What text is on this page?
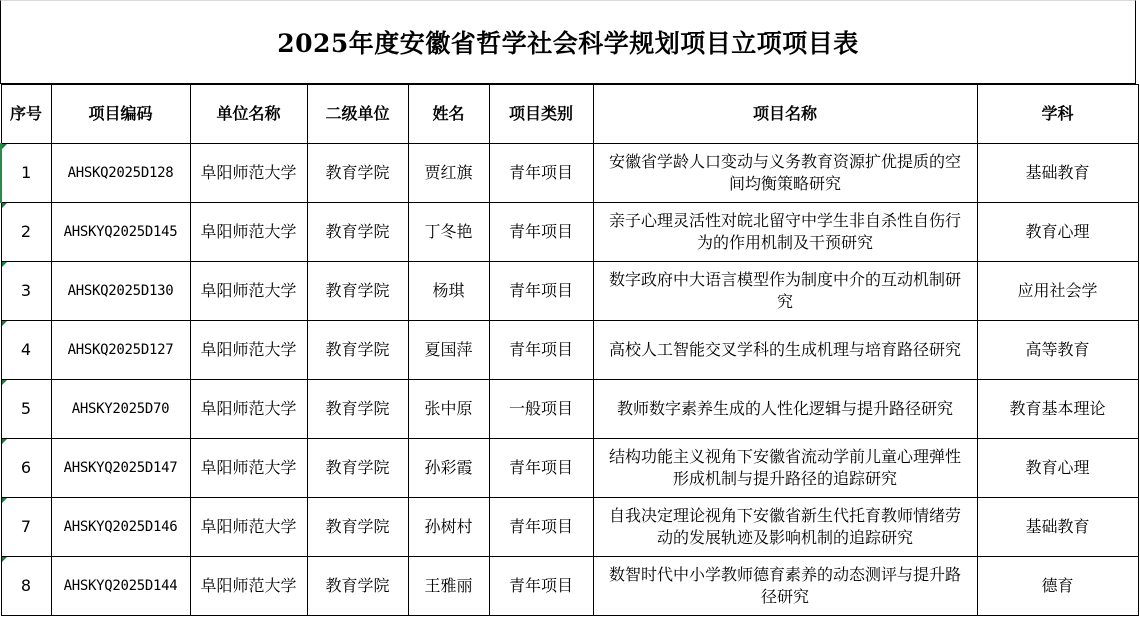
2025年度安徽省哲学社会科学规划项目立项项目表
序号	项目编码	单位名称	二级单位	姓名	项目类别	项目名称	学科

1	AHSKQ2025D128	阜阳师范大学	教育学院	贾红旗	青年项目	安徽省学龄人口变动与义务教育资源扩优提质的空间均衡策略研究	基础教育

2	AHSKYQ2025D145	阜阳师范大学	教育学院	丁冬艳	青年项目	亲子心理灵活性对皖北留守中学生非自杀性自伤行为的作用机制及干预研究	教育心理

3	AHSKQ2025D130	阜阳师范大学	教育学院	杨琪	青年项目	数字政府中大语言模型作为制度中介的互动机制研究	应用社会学

4	AHSKQ2025D127	阜阳师范大学	教育学院	夏国萍	青年项目	高校人工智能交叉学科的生成机理与培育路径研究	高等教育

5	AHSKY2025D70	阜阳师范大学	教育学院	张中原	一般项目	教师数字素养生成的人性化逻辑与提升路径研究	教育基本理论

6	AHSKYQ2025D147	阜阳师范大学	教育学院	孙彩霞	青年项目	结构功能主义视角下安徽省流动学前儿童心理弹性形成机制与提升路径的追踪研究	教育心理

7	AHSKYQ2025D146	阜阳师范大学	教育学院	孙树村	青年项目	自我决定理论视角下安徽省新生代托育教师情绪劳动的发展轨迹及影响机制的追踪研究	基础教育

8	AHSKYQ2025D144	阜阳师范大学	教育学院	王雅丽	青年项目	数智时代中小学教师德育素养的动态测评与提升路径研究	德育
